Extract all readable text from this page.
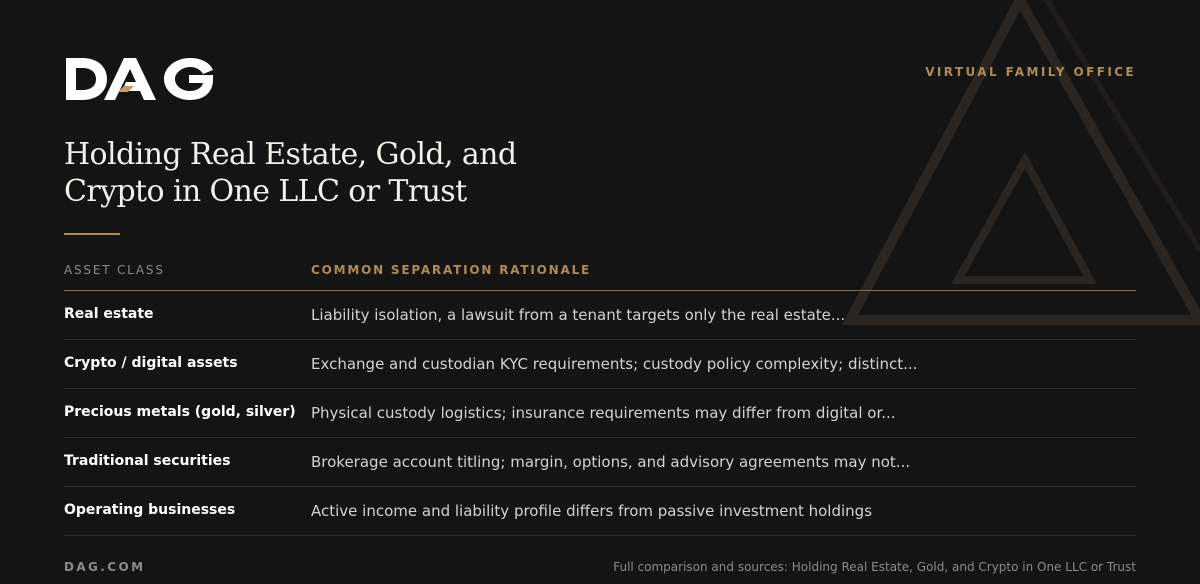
VIRTUAL FAMILY OFFICE
Holding Real Estate, Gold, and Crypto in One LLC or Trust
ASSET CLASS	COMMON SEPARATION RATIONALE
Real estate	Liability isolation, a lawsuit from a tenant targets only the real estate...
Crypto / digital assets	Exchange and custodian KYC requirements; custody policy complexity; distinct...
Precious metals (gold, silver)	Physical custody logistics; insurance requirements may differ from digital or...
Traditional securities	Brokerage account titling; margin, options, and advisory agreements may not...
Operating businesses	Active income and liability profile differs from passive investment holdings
DAG.COM	Full comparison and sources: Holding Real Estate, Gold, and Crypto in One LLC or Trust
